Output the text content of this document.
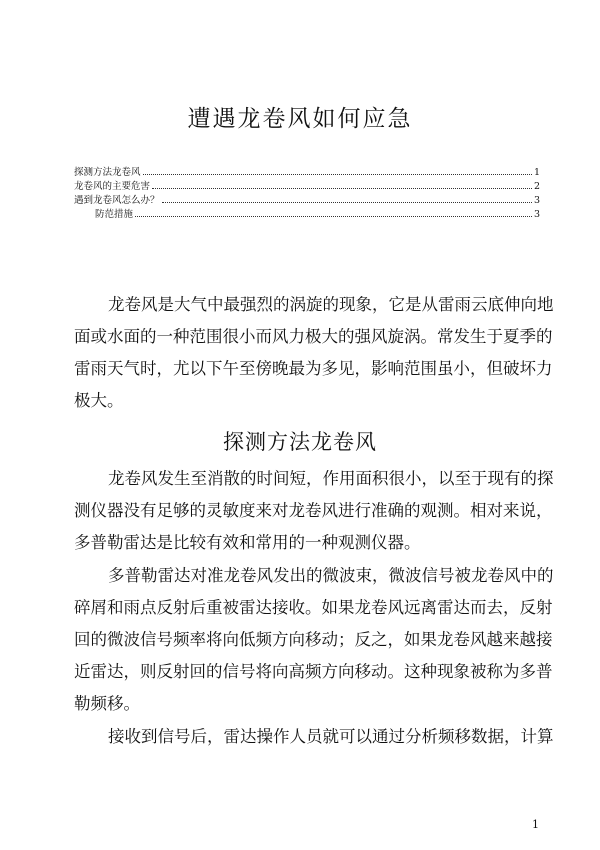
遭遇龙卷风如何应急
探测方法龙卷风	1
龙卷风的主要危害	2
遇到龙卷风怎么办？	3
防范措施	3
龙卷风是大气中最强烈的涡旋的现象，它是从雷雨云底伸向地
面或水面的一种范围很小而风力极大的强风旋涡。常发生于夏季的
雷雨天气时，尤以下午至傍晚最为多见，影响范围虽小，但破坏力
极大。
探测方法龙卷风
龙卷风发生至消散的时间短，作用面积很小，以至于现有的探
测仪器没有足够的灵敏度来对龙卷风进行准确的观测。相对来说，
多普勒雷达是比较有效和常用的一种观测仪器。
多普勒雷达对准龙卷风发出的微波束，微波信号被龙卷风中的
碎屑和雨点反射后重被雷达接收。如果龙卷风远离雷达而去，反射
回的微波信号频率将向低频方向移动；反之，如果龙卷风越来越接
近雷达，则反射回的信号将向高频方向移动。这种现象被称为多普
勒频移。
接收到信号后，雷达操作人员就可以通过分析频移数据，计算
1
